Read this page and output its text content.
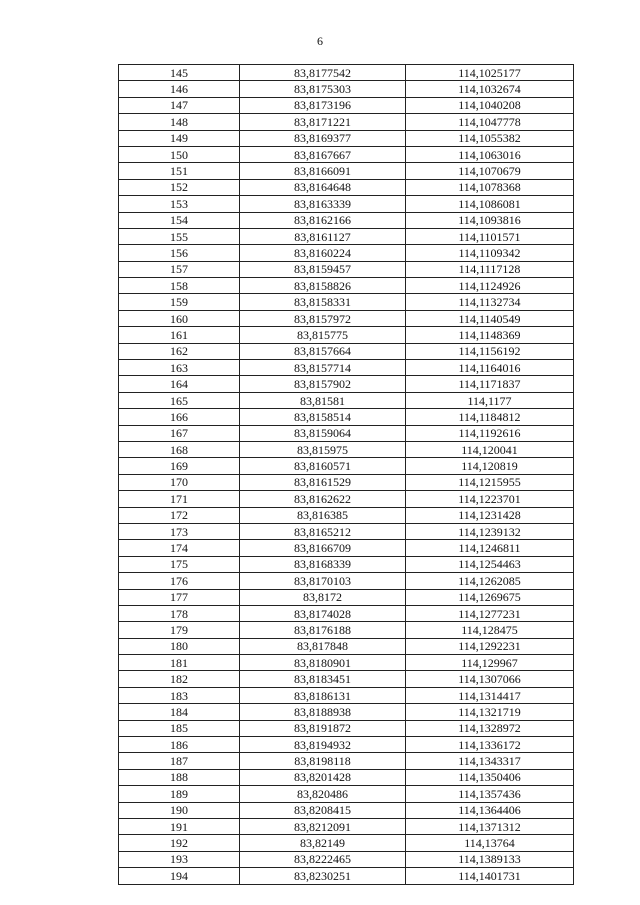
6
145	83,8177542	114,1025177
146	83,8175303	114,1032674
147	83,8173196	114,1040208
148	83,8171221	114,1047778
149	83,8169377	114,1055382
150	83,8167667	114,1063016
151	83,8166091	114,1070679
152	83,8164648	114,1078368
153	83,8163339	114,1086081
154	83,8162166	114,1093816
155	83,8161127	114,1101571
156	83,8160224	114,1109342
157	83,8159457	114,1117128
158	83,8158826	114,1124926
159	83,8158331	114,1132734
160	83,8157972	114,1140549
161	83,815775	114,1148369
162	83,8157664	114,1156192
163	83,8157714	114,1164016
164	83,8157902	114,1171837
165	83,81581	114,1177
166	83,8158514	114,1184812
167	83,8159064	114,1192616
168	83,815975	114,120041
169	83,8160571	114,120819
170	83,8161529	114,1215955
171	83,8162622	114,1223701
172	83,816385	114,1231428
173	83,8165212	114,1239132
174	83,8166709	114,1246811
175	83,8168339	114,1254463
176	83,8170103	114,1262085
177	83,8172	114,1269675
178	83,8174028	114,1277231
179	83,8176188	114,128475
180	83,817848	114,1292231
181	83,8180901	114,129967
182	83,8183451	114,1307066
183	83,8186131	114,1314417
184	83,8188938	114,1321719
185	83,8191872	114,1328972
186	83,8194932	114,1336172
187	83,8198118	114,1343317
188	83,8201428	114,1350406
189	83,820486	114,1357436
190	83,8208415	114,1364406
191	83,8212091	114,1371312
192	83,82149	114,13764
193	83,8222465	114,1389133
194	83,8230251	114,1401731
